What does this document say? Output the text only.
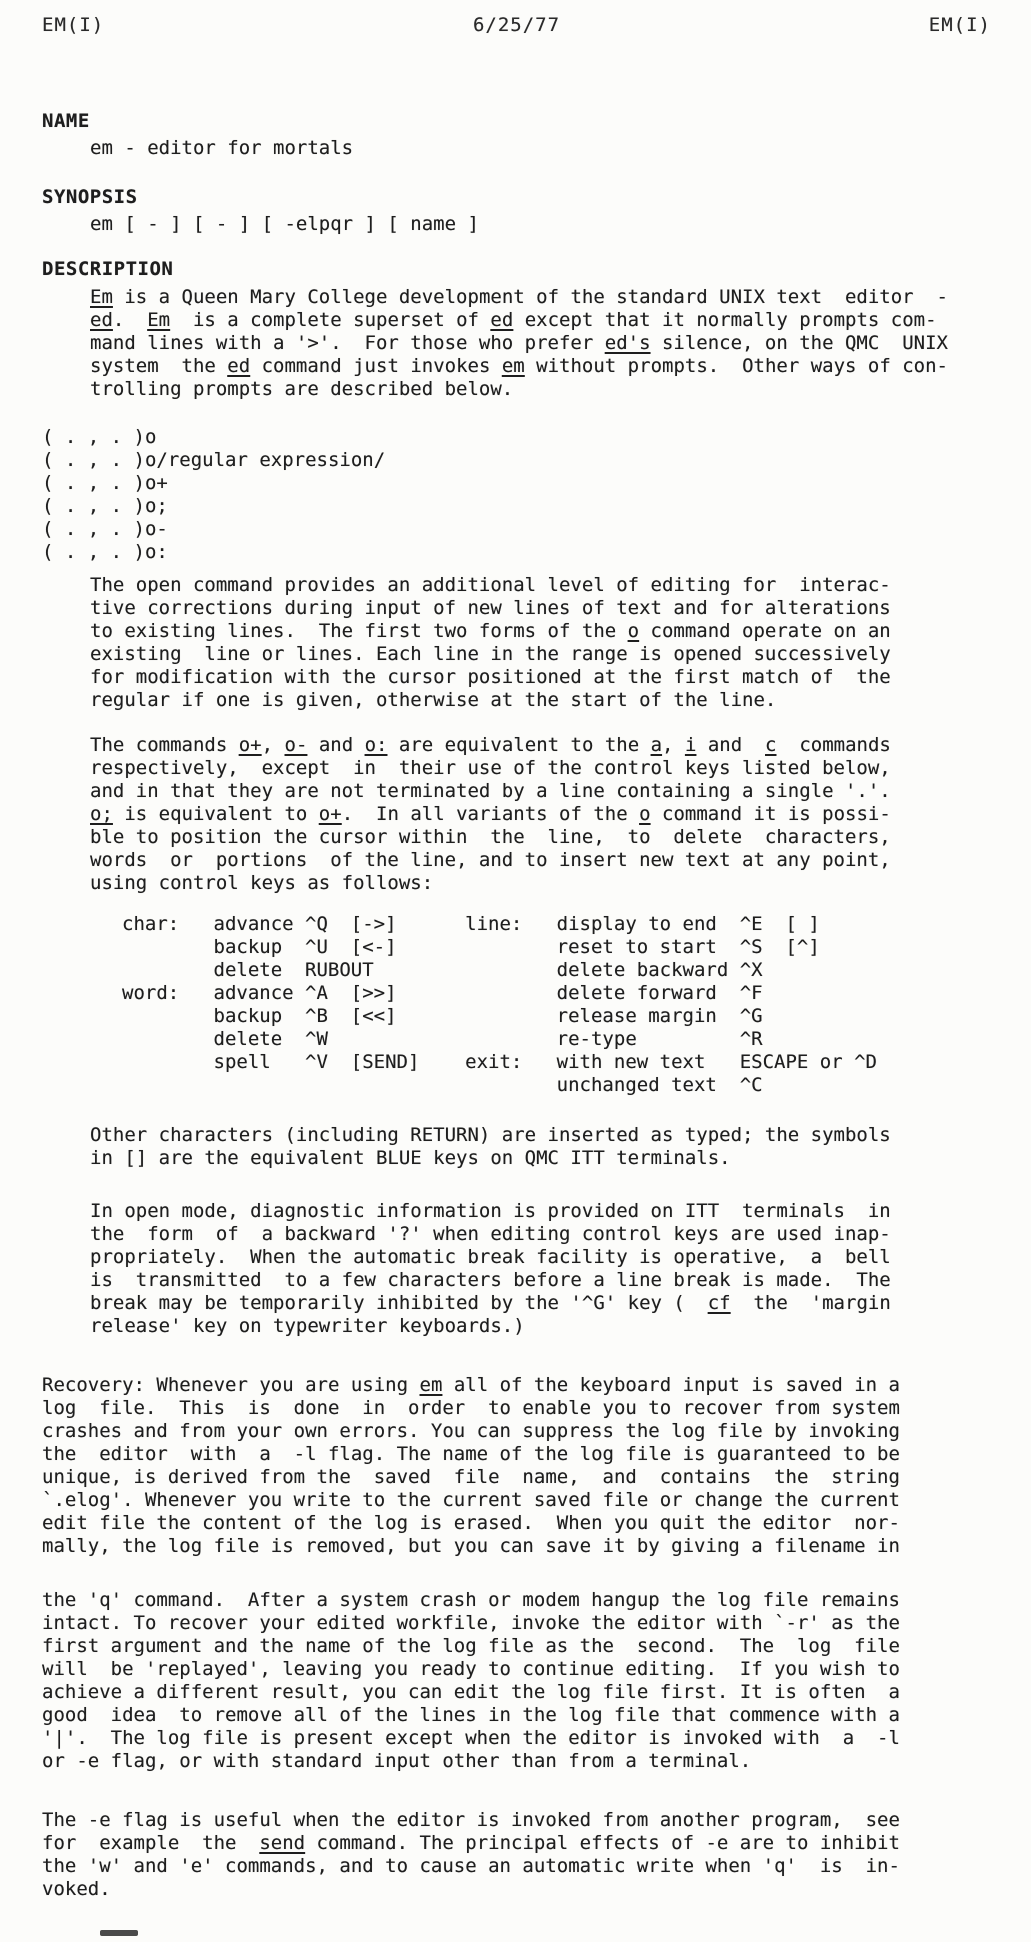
EM(I)	6/25/77	EM(I)
NAME
em - editor for mortals
SYNOPSIS
em [ - ] [ - ] [ -elpqr ] [ name ]
DESCRIPTION
Em is a Queen Mary College development of the standard UNIX text  editor  -
ed.  Em  is a complete superset of ed except that it normally prompts com-
mand lines with a '>'.  For those who prefer ed's silence, on the QMC  UNIX
system  the ed command just invokes em without prompts.  Other ways of con-
trolling prompts are described below.
( . , . )o
( . , . )o/regular expression/
( . , . )o+
( . , . )o;
( . , . )o-
( . , . )o:
The open command provides an additional level of editing for  interac-
tive corrections during input of new lines of text and for alterations
to existing lines.  The first two forms of the o command operate on an
existing  line or lines. Each line in the range is opened successively
for modification with the cursor positioned at the first match of  the
regular if one is given, otherwise at the start of the line.
The commands o+, o- and o: are equivalent to the a, i and  c  commands
respectively,  except  in  their use of the control keys listed below,
and in that they are not terminated by a line containing a single '.'.
o; is equivalent to o+.  In all variants of the o command it is possi-
ble to position the cursor within  the  line,  to  delete  characters,
words  or  portions  of the line, and to insert new text at any point,
using control keys as follows:
char:   advance ^Q  [->]      line:   display to end  ^E  [ ]
backup  ^U  [<-]              reset to start  ^S  [^]
delete  RUBOUT                delete backward ^X
word:   advance ^A  [>>]              delete forward  ^F
backup  ^B  [<<]              release margin  ^G
delete  ^W                    re-type         ^R
spell   ^V  [SEND]    exit:   with new text   ESCAPE or ^D
unchanged text  ^C
Other characters (including RETURN) are inserted as typed; the symbols
in [] are the equivalent BLUE keys on QMC ITT terminals.
In open mode, diagnostic information is provided on ITT  terminals  in
the  form  of  a backward '?' when editing control keys are used inap-
propriately.  When the automatic break facility is operative,  a  bell
is  transmitted  to a few characters before a line break is made.  The
break may be temporarily inhibited by the '^G' key (  cf  the  'margin
release' key on typewriter keyboards.)
Recovery: Whenever you are using em all of the keyboard input is saved in a
log  file.  This  is  done  in  order  to enable you to recover from system
crashes and from your own errors. You can suppress the log file by invoking
the  editor  with  a  -l flag. The name of the log file is guaranteed to be
unique, is derived from the  saved  file  name,  and  contains  the  string
`.elog'. Whenever you write to the current saved file or change the current
edit file the content of the log is erased.  When you quit the editor  nor-
mally, the log file is removed, but you can save it by giving a filename in
the 'q' command.  After a system crash or modem hangup the log file remains
intact. To recover your edited workfile, invoke the editor with `-r' as the
first argument and the name of the log file as the  second.  The  log  file
will  be 'replayed', leaving you ready to continue editing.  If you wish to
achieve a different result, you can edit the log file first. It is often  a
good  idea  to remove all of the lines in the log file that commence with a
'|'.  The log file is present except when the editor is invoked with  a  -l
or -e flag, or with standard input other than from a terminal.
The -e flag is useful when the editor is invoked from another program,  see
for  example  the  send command. The principal effects of -e are to inhibit
the 'w' and 'e' commands, and to cause an automatic write when 'q'  is  in-
voked.
